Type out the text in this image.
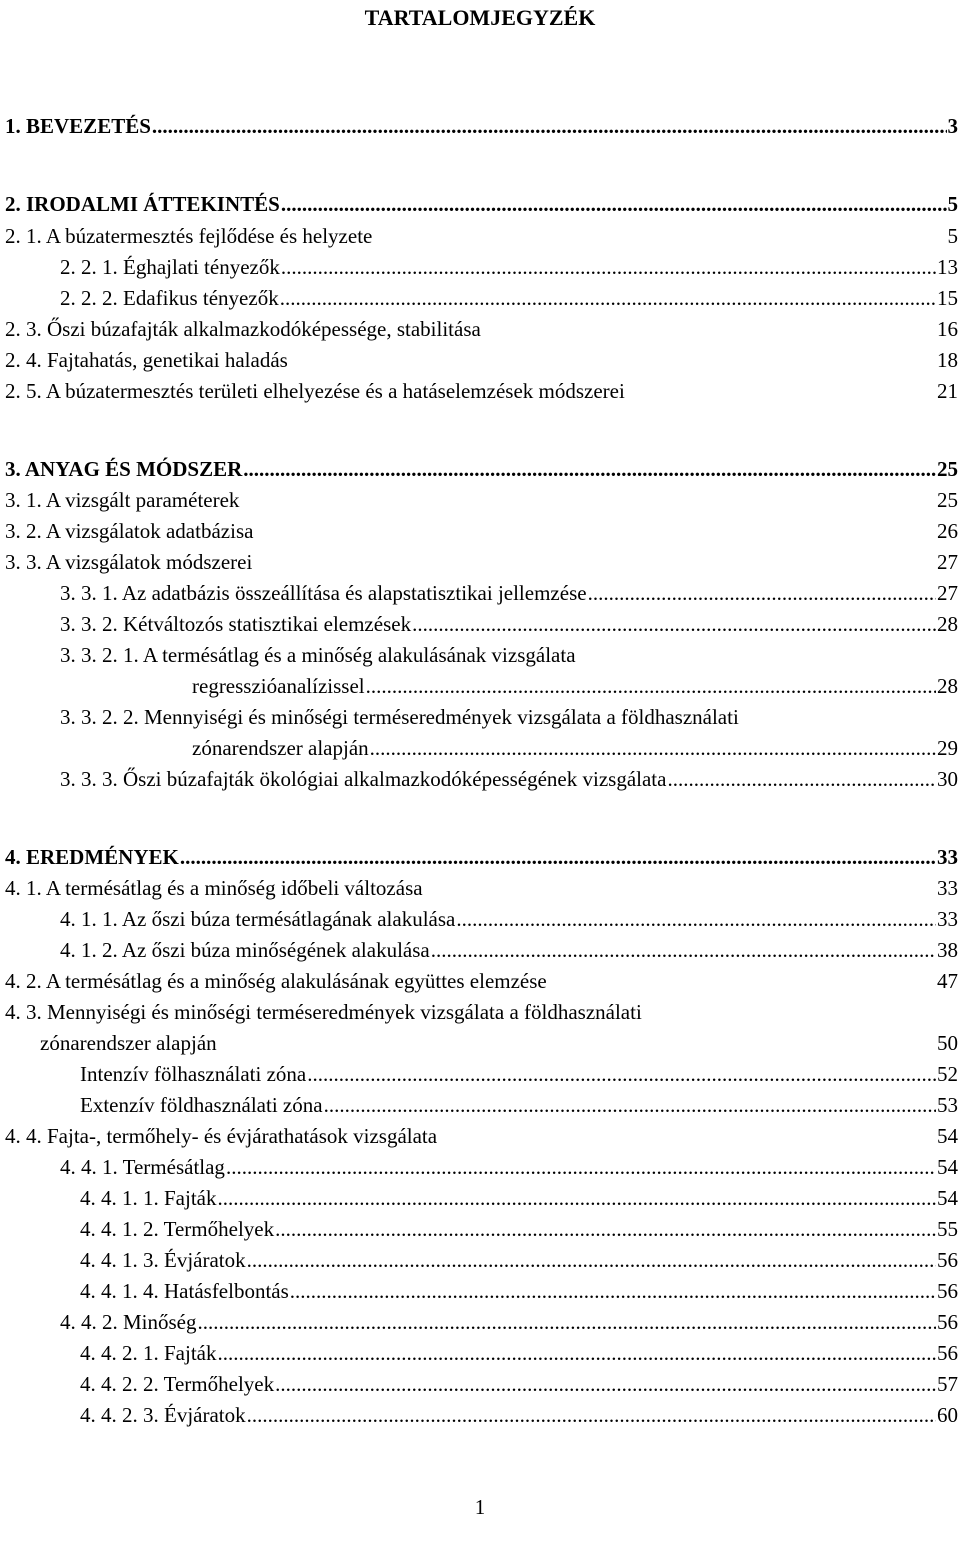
TARTALOMJEGYZÉK
1. BEVEZETÉS .....	3
2. IRODALMI ÁTTEKINTÉS .....	5
2. 1. A búzatermesztés fejlődése és helyzete	5
2. 2. 1. Éghajlati tényezők .....	13
2. 2. 2. Edafikus tényezők .....	15
2. 3. Őszi búzafajták alkalmazkodóképessége, stabilitása	16
2. 4. Fajtahatás, genetikai haladás	18
2. 5. A búzatermesztés területi elhelyezése és a hatáselemzések módszerei	21
3. ANYAG ÉS MÓDSZER .....	25
3. 1. A vizsgált paraméterek	25
3. 2. A vizsgálatok adatbázisa	26
3. 3. A vizsgálatok módszerei	27
3. 3. 1. Az adatbázis összeállítása és alapstatisztikai jellemzése .....	27
3. 3. 2. Kétváltozós statisztikai elemzések .....	28
3. 3. 2. 1. A termésátlag és a minőség alakulásának vizsgálata
regresszióanalízissel .....	28
3. 3. 2. 2. Mennyiségi és minőségi terméseredmények vizsgálata a földhasználati
zónarendszer alapján .....	29
3. 3. 3. Őszi búzafajták ökológiai alkalmazkodóképességének vizsgálata .....	30
4. EREDMÉNYEK .....	33
4. 1. A termésátlag és a minőség időbeli változása	33
4. 1. 1. Az őszi búza termésátlagának alakulása .....	33
4. 1. 2. Az őszi búza minőségének alakulása .....	38
4. 2. A termésátlag és a minőség alakulásának együttes elemzése	47
4. 3. Mennyiségi és minőségi terméseredmények vizsgálata a földhasználati
zónarendszer alapján	50
Intenzív fölhasználati zóna .....	52
Extenzív földhasználati zóna .....	53
4. 4. Fajta-, termőhely- és évjárathatások vizsgálata	54
4. 4. 1. Termésátlag .....	54
4. 4. 1. 1. Fajták .....	54
4. 4. 1. 2. Termőhelyek .....	55
4. 4. 1. 3. Évjáratok .....	56
4. 4. 1. 4. Hatásfelbontás .....	56
4. 4. 2. Minőség .....	56
4. 4. 2. 1. Fajták .....	56
4. 4. 2. 2. Termőhelyek .....	57
4. 4. 2. 3. Évjáratok .....	60
1
